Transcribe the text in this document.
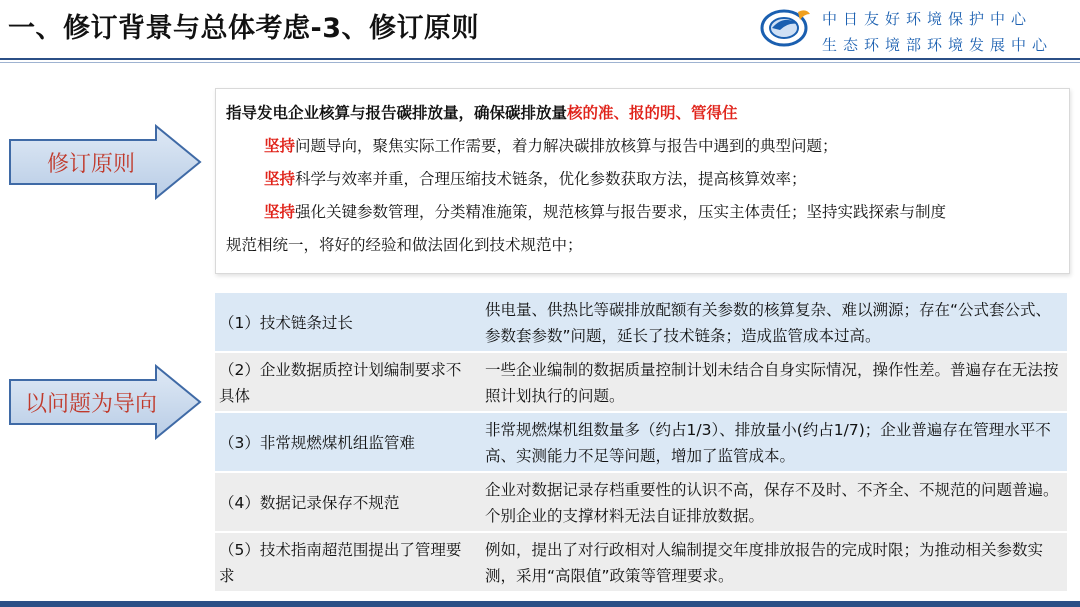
一、修订背景与总体考虑-3、修订原则	中日友好环境保护中心
生态环境部环境发展中心
修订原则
以问题为导向

指导发电企业核算与报告碳排放量，确保碳排放量核的准、报的明、管得住

坚持问题导向，聚焦实际工作需要，着力解决碳排放核算与报告中遇到的典型问题；

坚持科学与效率并重，合理压缩技术链条，优化参数获取方法，提高核算效率；

坚持强化关键参数管理，分类精准施策，规范核算与报告要求，压实主体责任；坚持实践探索与制度

规范相统一，将好的经验和做法固化到技术规范中；

（1）技术链条过长	供电量、供热比等碳排放配额有关参数的核算复杂、难以溯源；存在“公式套公式、参数套参数”问题，延长了技术链条；造成监管成本过高。
（2）企业数据质控计划编制要求不具体	一些企业编制的数据质量控制计划未结合自身实际情况，操作性差。普遍存在无法按照计划执行的问题。
（3）非常规燃煤机组监管难	非常规燃煤机组数量多（约占1/3）、排放量小(约占1/7)；企业普遍存在管理水平不高、实测能力不足等问题，增加了监管成本。
（4）数据记录保存不规范	企业对数据记录存档重要性的认识不高，保存不及时、不齐全、不规范的问题普遍。个别企业的支撑材料无法自证排放数据。
（5）技术指南超范围提出了管理要求	例如，提出了对行政相对人编制提交年度排放报告的完成时限；为推动相关参数实测，采用“高限值”政策等管理要求。
